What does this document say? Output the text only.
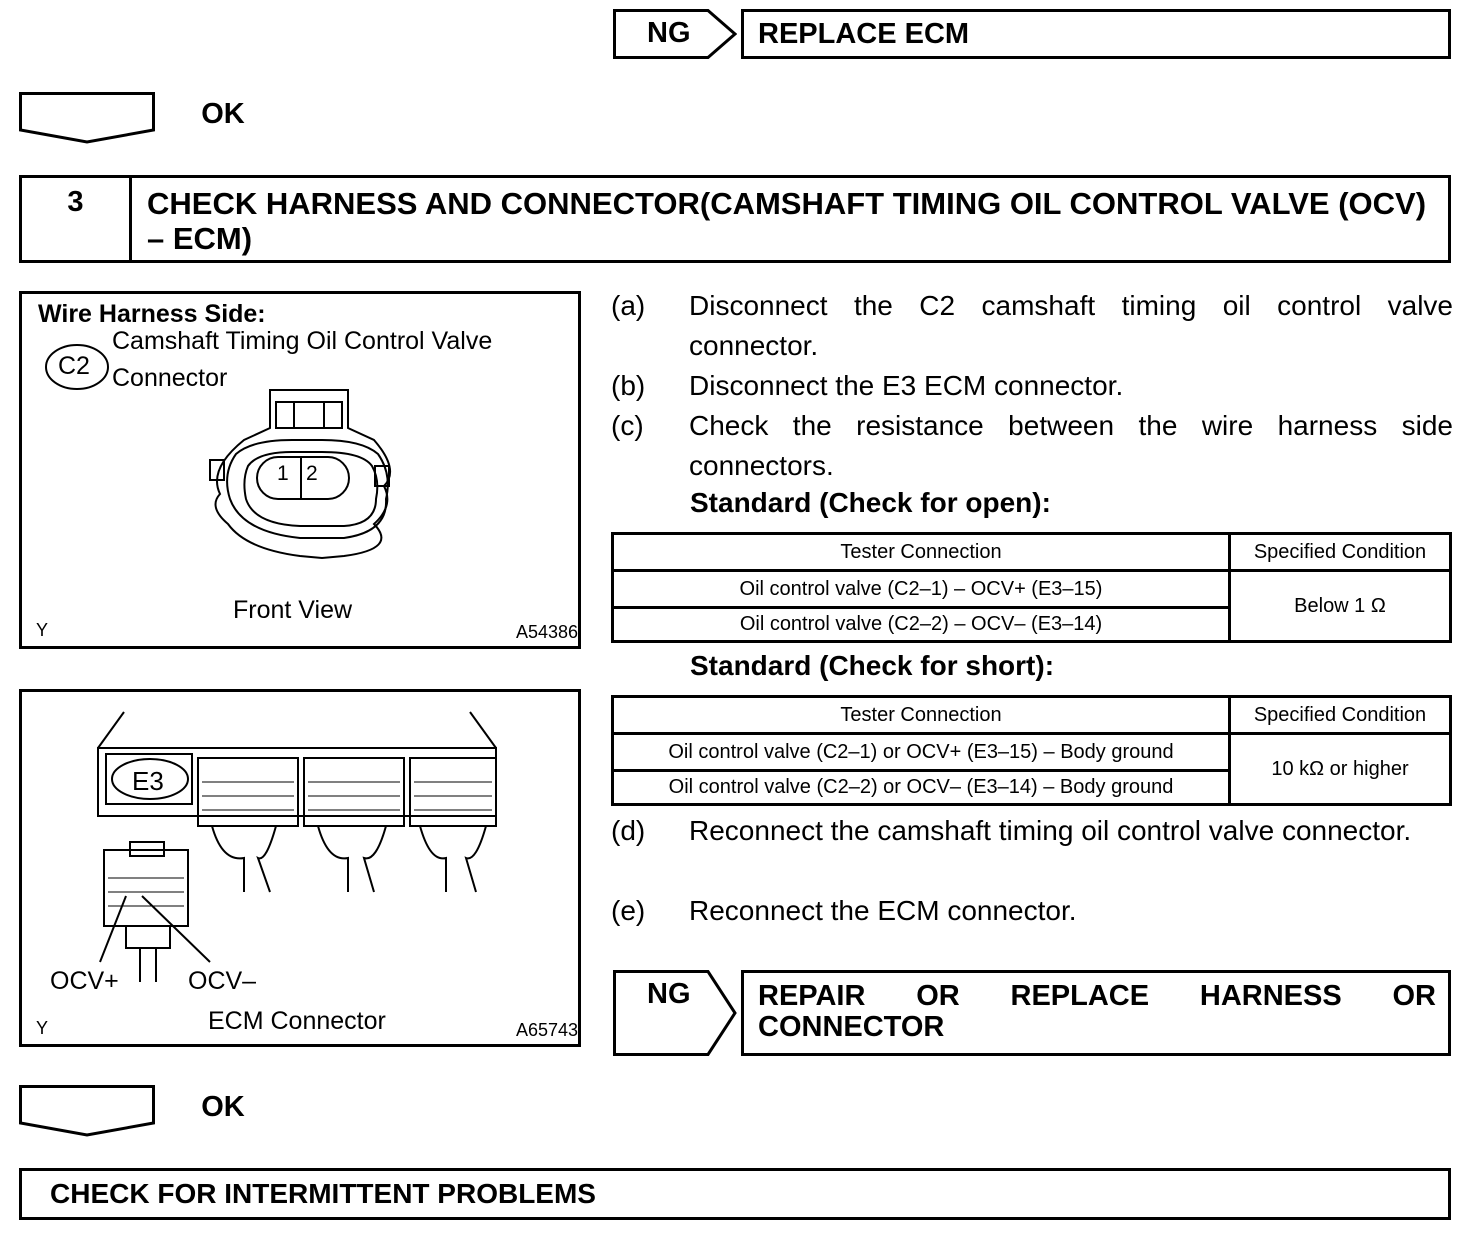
NG	REPLACE ECM
OK
3	CHECK HARNESS AND CONNECTOR(CAMSHAFT TIMING OIL CONTROL VALVE (OCV) – ECM)
Wire Harness Side:
Camshaft Timing Oil Control Valve
Connector
C2
1 2
Front View
Y	A54386
E3
OCV+	OCV–
ECM Connector
Y	A65743
(a) Disconnect the C2 camshaft timing oil control valve connector.
(b) Disconnect the E3 ECM connector.
(c) Check the resistance between the wire harness side connectors.
Standard (Check for open):
Tester Connection	Specified Condition
Oil control valve (C2–1) – OCV+ (E3–15)	Below 1 Ω
Oil control valve (C2–2) – OCV– (E3–14)	
Standard (Check for short):
Tester Connection	Specified Condition
Oil control valve (C2–1) or OCV+ (E3–15) – Body ground	10 kΩ or higher
Oil control valve (C2–2) or OCV– (E3–14) – Body ground	
(d) Reconnect the camshaft timing oil control valve connector.
(e) Reconnect the ECM connector.
NG REPAIR OR REPLACE HARNESS OR
CONNECTOR
OK
CHECK FOR INTERMITTENT PROBLEMS
